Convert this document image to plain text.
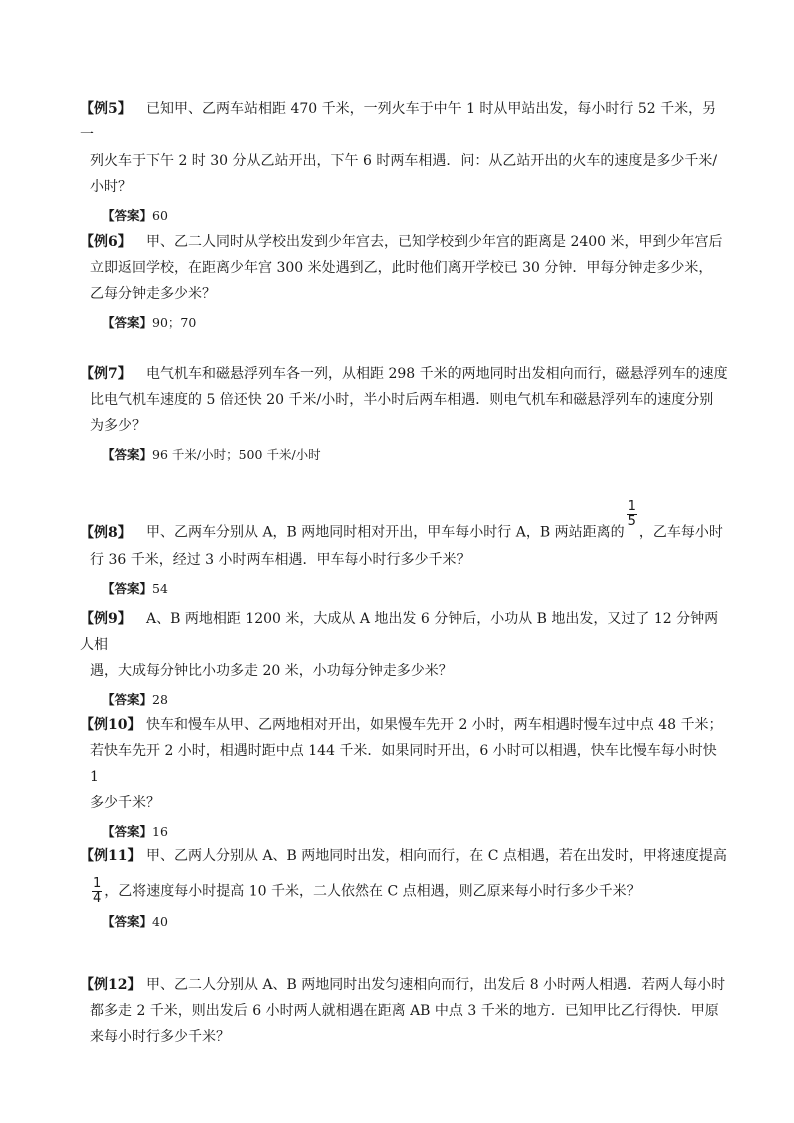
【例5】 已知甲、乙两车站相距 470 千米，一列火车于中午 1 时从甲站出发，每小时行 52 千米，另一
列火车于下午 2 时 30 分从乙站开出，下午 6 时两车相遇．问：从乙站开出的火车的速度是多少千米/
小时？
【答案】60
【例6】 甲、乙二人同时从学校出发到少年宫去，已知学校到少年宫的距离是 2400 米，甲到少年宫后
立即返回学校，在距离少年宫 300 米处遇到乙，此时他们离开学校已 30 分钟．甲每分钟走多少米，
乙每分钟走多少米？
【答案】90；70
【例7】 电气机车和磁悬浮列车各一列，从相距 298 千米的两地同时出发相向而行，磁悬浮列车的速度
比电气机车速度的 5 倍还快 20 千米/小时，半小时后两车相遇．则电气机车和磁悬浮列车的速度分别
为多少？
【答案】96 千米/小时；500 千米/小时
【例8】 甲、乙两车分别从 A，B 两地同时相对开出，甲车每小时行 A，B 两站距离的
$\frac{1}{5}$
，乙车每小时
行 36 千米，经过 3 小时两车相遇．甲车每小时行多少千米？
【答案】54
【例9】 A、B 两地相距 1200 米，大成从 A 地出发 6 分钟后，小功从 B 地出发，又过了 12 分钟两人相
遇，大成每分钟比小功多走 20 米，小功每分钟走多少米？
【答案】28
【例10】 快车和慢车从甲、乙两地相对开出，如果慢车先开 2 小时，两车相遇时慢车过中点 48 千米；
若快车先开 2 小时，相遇时距中点 144 千米．如果同时开出，6 小时可以相遇，快车比慢车每小时快　1
多少千米？
【答案】16
【例11】 甲、乙两人分别从 A、B 两地同时出发，相向而行，在 C 点相遇，若在出发时，甲将速度提高
$\frac{1}{4}$ ，乙将速度每小时提高 10 千米，二人依然在 C 点相遇，则乙原来每小时行多少千米？
【答案】40
【例12】 甲、乙二人分别从 A、B 两地同时出发匀速相向而行，出发后 8 小时两人相遇．若两人每小时
都多走 2 千米，则出发后 6 小时两人就相遇在距离 AB 中点 3 千米的地方．已知甲比乙行得快．甲原
来每小时行多少千米？
